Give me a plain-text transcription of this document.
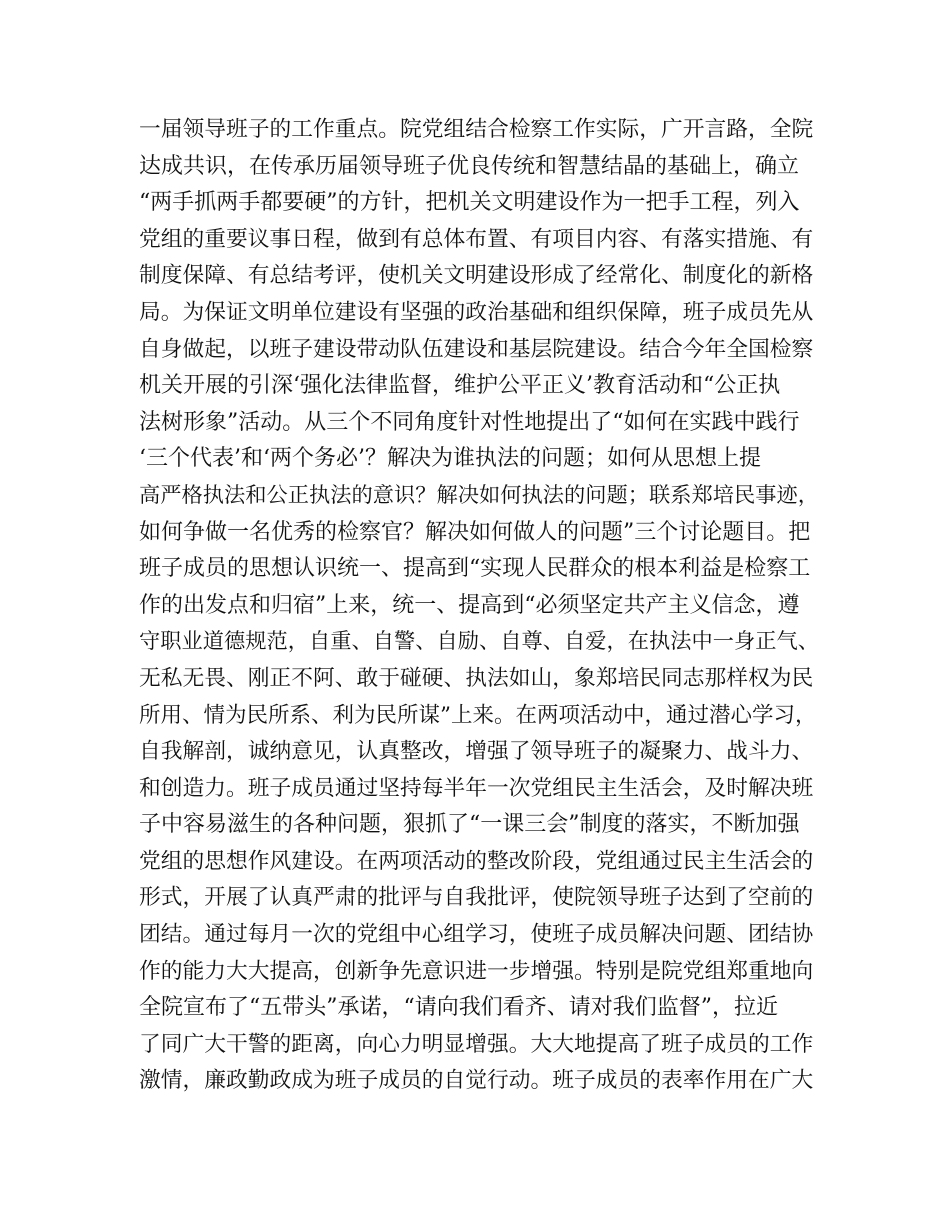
一届领导班子的工作重点。院党组结合检察工作实际，广开言路，全院
达成共识，在传承历届领导班子优良传统和智慧结晶的基础上，确立
“两手抓两手都要硬”的方针，把机关文明建设作为一把手工程，列入
党组的重要议事日程，做到有总体布置、有项目内容、有落实措施、有
制度保障、有总结考评，使机关文明建设形成了经常化、制度化的新格
局。为保证文明单位建设有坚强的政治基础和组织保障，班子成员先从
自身做起，以班子建设带动队伍建设和基层院建设。结合今年全国检察
机关开展的引深‘强化法律监督，维护公平正义’教育活动和“公正执
法树形象”活动。从三个不同角度针对性地提出了“如何在实践中践行
‘三个代表’和‘两个务必’？解决为谁执法的问题；如何从思想上提
高严格执法和公正执法的意识？解决如何执法的问题；联系郑培民事迹，
如何争做一名优秀的检察官？解决如何做人的问题”三个讨论题目。把
班子成员的思想认识统一、提高到“实现人民群众的根本利益是检察工
作的出发点和归宿”上来，统一、提高到“必须坚定共产主义信念，遵
守职业道德规范，自重、自警、自励、自尊、自爱，在执法中一身正气、
无私无畏、刚正不阿、敢于碰硬、执法如山，象郑培民同志那样权为民
所用、情为民所系、利为民所谋”上来。在两项活动中，通过潜心学习，
自我解剖，诚纳意见，认真整改，增强了领导班子的凝聚力、战斗力、
和创造力。班子成员通过坚持每半年一次党组民主生活会，及时解决班
子中容易滋生的各种问题，狠抓了“一课三会”制度的落实，不断加强
党组的思想作风建设。在两项活动的整改阶段，党组通过民主生活会的
形式，开展了认真严肃的批评与自我批评，使院领导班子达到了空前的
团结。通过每月一次的党组中心组学习，使班子成员解决问题、团结协
作的能力大大提高，创新争先意识进一步增强。特别是院党组郑重地向
全院宣布了“五带头”承诺，“请向我们看齐、请对我们监督”，拉近
了同广大干警的距离，向心力明显增强。大大地提高了班子成员的工作
激情，廉政勤政成为班子成员的自觉行动。班子成员的表率作用在广大
